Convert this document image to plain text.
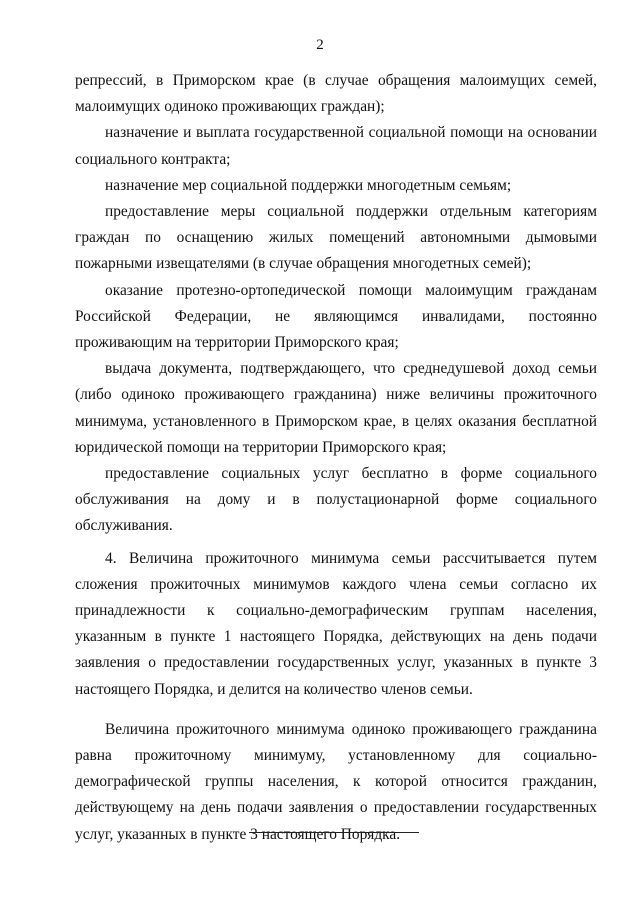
2

репрессий, в Приморском крае (в случае обращения малоимущих семей, малоимущих одиноко проживающих граждан);

назначение и выплата государственной социальной помощи на основании социального контракта;

назначение мер социальной поддержки многодетным семьям;

предоставление меры социальной поддержки отдельным категориям граждан по оснащению жилых помещений автономными дымовыми пожарными извещателями (в случае обращения многодетных семей);

оказание протезно-ортопедической помощи малоимущим гражданам Российской Федерации, не являющимся инвалидами, постоянно проживающим на территории Приморского края;

выдача документа, подтверждающего, что среднедушевой доход семьи (либо одиноко проживающего гражданина) ниже величины прожиточного минимума, установленного в Приморском крае, в целях оказания бесплатной юридической помощи на территории Приморского края;

предоставление социальных услуг бесплатно в форме социального обслуживания на дому и в полустационарной форме социального обслуживания.

4. Величина прожиточного минимума семьи рассчитывается путем сложения прожиточных минимумов каждого члена семьи согласно их принадлежности к социально-демографическим группам населения, указанным в пункте 1 настоящего Порядка, действующих на день подачи заявления о предоставлении государственных услуг, указанных в пункте 3 настоящего Порядка, и делится на количество членов семьи.

Величина прожиточного минимума одиноко проживающего гражданина равна прожиточному минимуму, установленному для социально-демографической группы населения, к которой относится гражданин, действующему на день подачи заявления о предоставлении государственных услуг, указанных в пункте 3 настоящего Порядка.
